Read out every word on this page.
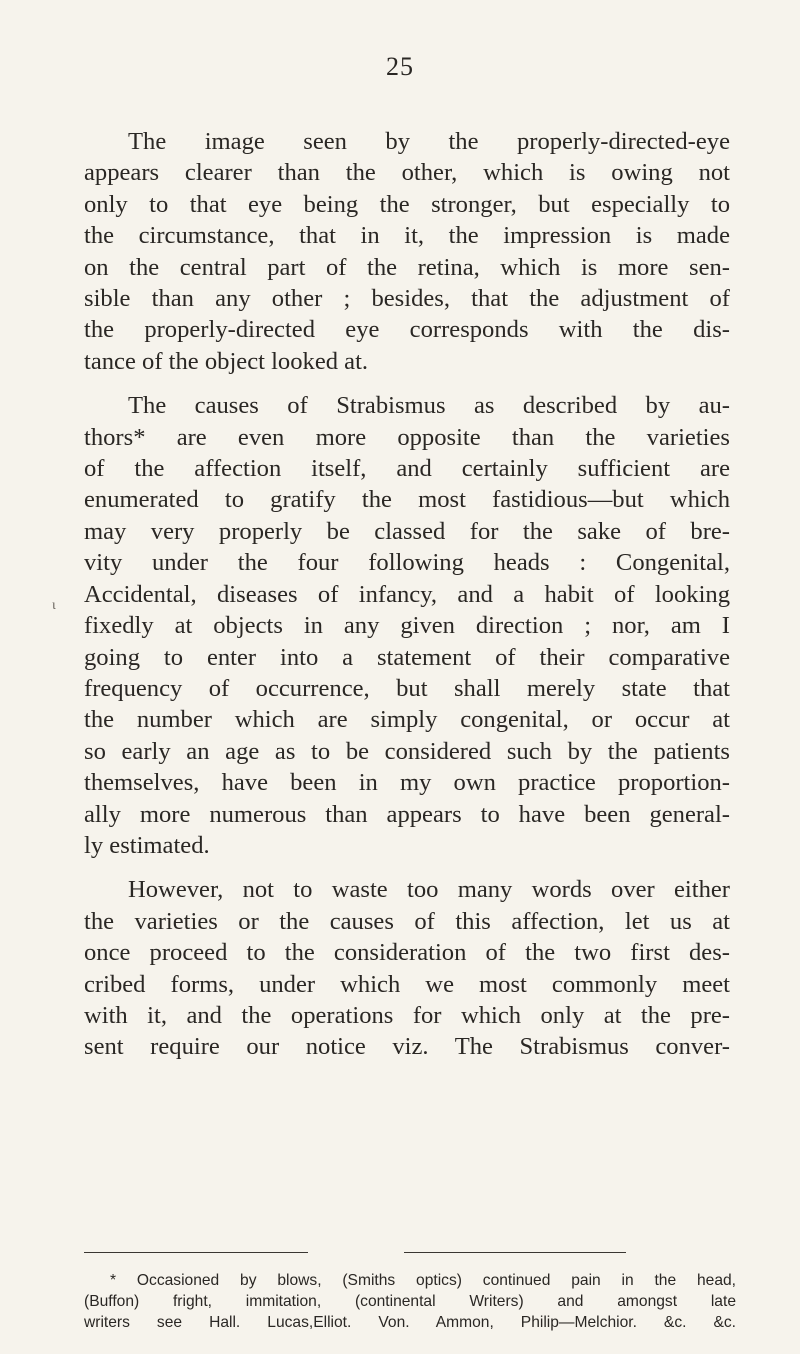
25
ι
The image seen by the properly-directed-eye
appears clearer than the other, which is owing not
only to that eye being the stronger, but especially to
the circumstance, that in it, the impression is made
on the central part of the retina, which is more sen-
sible than any other ; besides, that the adjustment of
the properly-directed eye corresponds with the dis-
tance of the object looked at.
The causes of Strabismus as described by au-
thors* are even more opposite than the varieties
of the affection itself, and certainly sufficient are
enumerated to gratify the most fastidious—but which
may very properly be classed for the sake of bre-
vity under the four following heads : Congenital,
Accidental, diseases of infancy, and a habit of looking
fixedly at objects in any given direction ; nor, am I
going to enter into a statement of their comparative
frequency of occurrence, but shall merely state that
the number which are simply congenital, or occur at
so early an age as to be considered such by the patients
themselves, have been in my own practice proportion-
ally more numerous than appears to have been general-
ly estimated.
However, not to waste too many words over either
the varieties or the causes of this affection, let us at
once proceed to the consideration of the two first des-
cribed forms, under which we most commonly meet
with it, and the operations for which only at the pre-
sent require our notice viz. The Strabismus conver-
* Occasioned by blows, (Smiths optics) continued pain in the head,
(Buffon) fright, immitation, (continental Writers) and amongst late
writers see Hall. Lucas,Elliot. Von. Ammon, Philip—Melchior. &c. &c.
